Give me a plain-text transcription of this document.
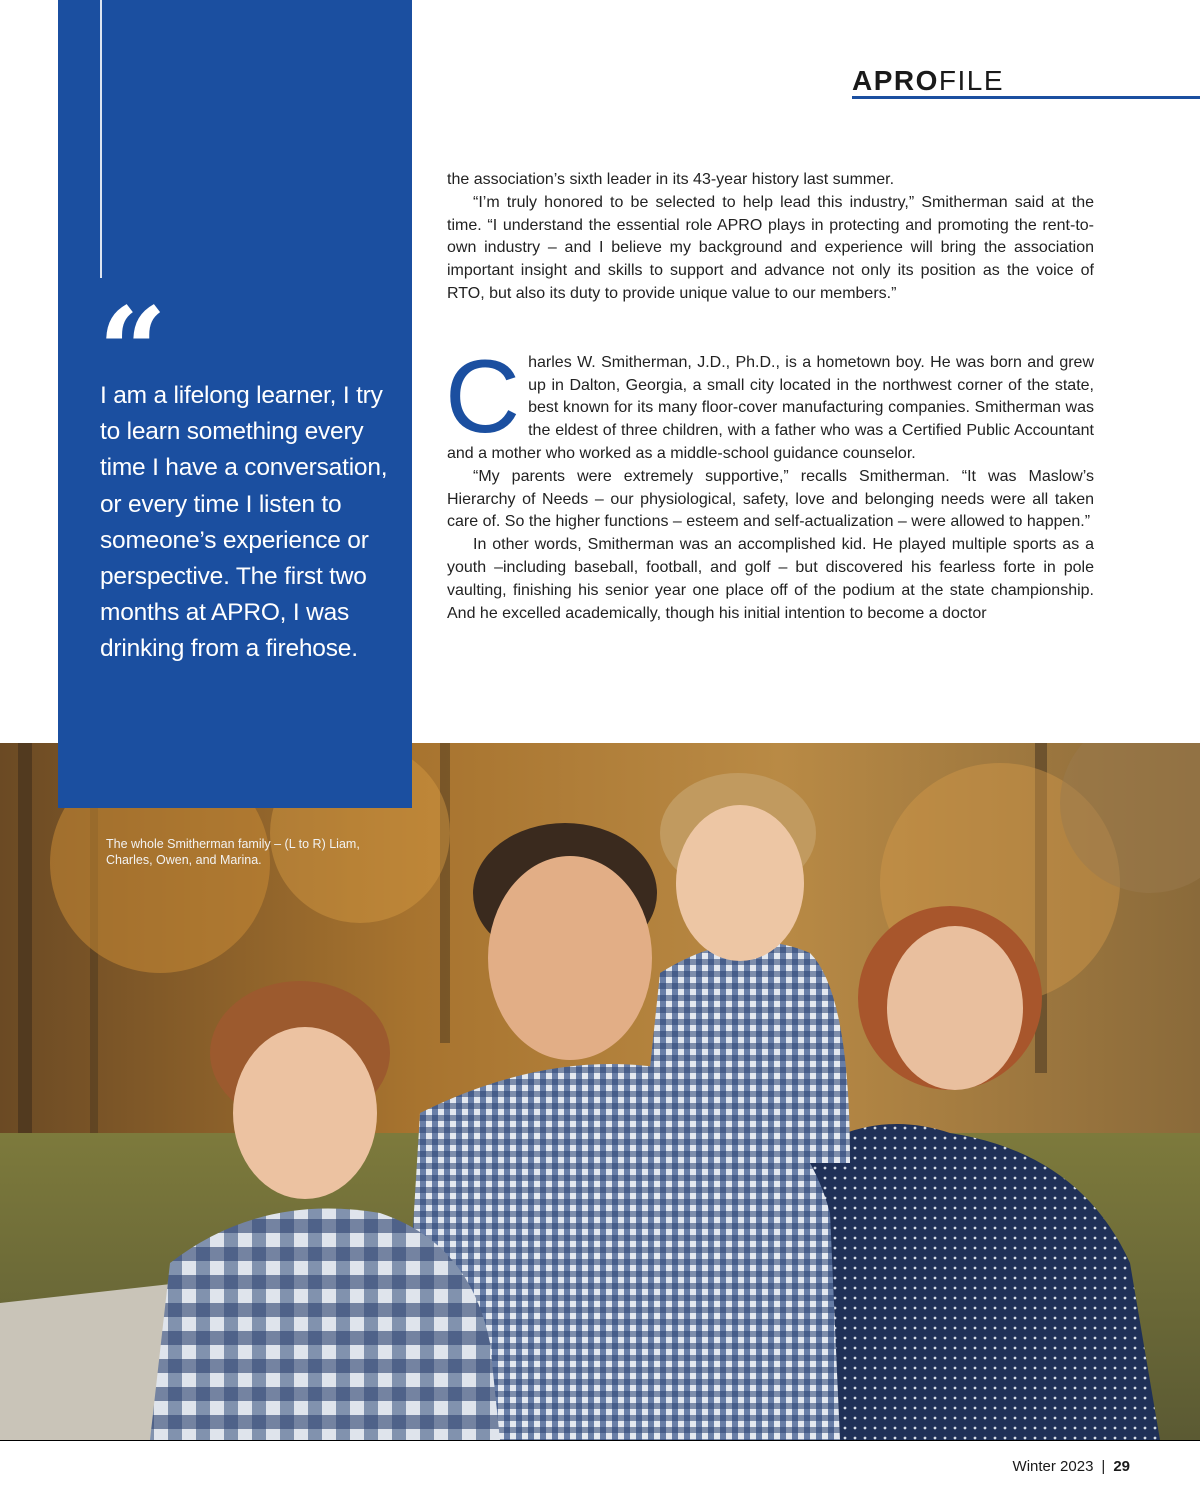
APROFILE
“
I am a lifelong learner, I try to learn something every time I have a conversation, or every time I listen to someone’s experience or perspective. The first two months at APRO, I was drinking from a firehose.

the association’s sixth leader in its 43-year history last summer.

“I’m truly honored to be selected to help lead this industry,” Smitherman said at the time. “I understand the essential role APRO plays in protecting and promoting the rent-to-own industry – and I believe my background and experience will bring the association important insight and skills to support and advance not only its position as the voice of RTO, but also its duty to provide unique value to our members.”

Charles W. Smitherman, J.D., Ph.D., is a hometown boy. He was born and grew up in Dalton, Georgia, a small city located in the northwest corner of the state, best known for its many floor-cover manufacturing companies. Smitherman was the eldest of three children, with a father who was a Certified Public Accountant and a mother who worked as a middle-school guidance counselor.

“My parents were extremely supportive,” recalls Smitherman. “It was Maslow’s Hierarchy of Needs – our physiological, safety, love and belonging needs were all taken care of. So the higher functions – esteem and self-actualization – were allowed to happen.”

In other words, Smitherman was an accomplished kid. He played multiple sports as a youth –including baseball, football, and golf – but discovered his fearless forte in pole vaulting, finishing his senior year one place off of the podium at the state championship. And he excelled academically, though his initial intention to become a doctor

The whole Smitherman family – (L to R) Liam, Charles, Owen, and Marina.
Winter 2023 | 29
